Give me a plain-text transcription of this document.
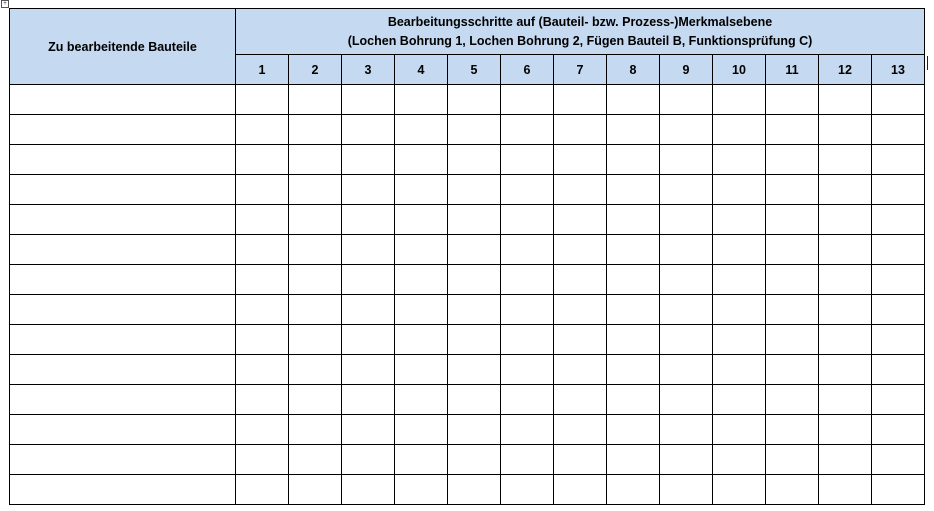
+
Zu bearbeitende Bauteile	Bearbeitungsschritte auf (Bauteil- bzw. Prozess-)Merkmalsebene
(Lochen Bohrung 1, Lochen Bohrung 2, Fügen Bauteil B, Funktionsprüfung C)												

	1	2	3	4	5	6	7	8	9	10	11	12	13
